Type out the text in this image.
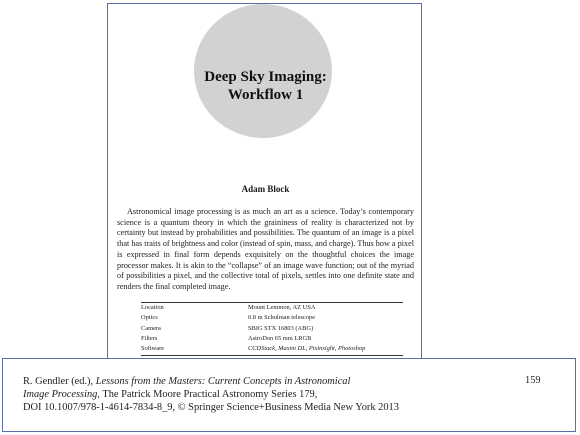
Deep Sky Imaging:
Workflow 1
Adam Block
Astronomical image processing is as much an art as a science. Today’s contemporary science is a quantum theory in which the graininess of reality is characterized not by certainty but instead by probabilities and possibilities. The quantum of an image is a pixel that has traits of brightness and color (instead of spin, mass, and charge). Thus how a pixel is expressed in final form depends exquisitely on the thoughtful choices the image processor makes. It is akin to the “collapse” of an image wave function; out of the myriad of possibilities a pixel, and the collective total of pixels, settles into one definite state and renders the final completed image.
Location	Mount Lemmon, AZ USA
Optics	0.8 m Schulman telescope
Camera	SBIG STX 16803 (ABG)
Filters	AstroDon 65 mm LRGB
Software	CCDStack, Maxim DL, Pixinsight, Photoshop
R. Gendler (ed.), Lessons from the Masters: Current Concepts in Astronomical
Image Processing, The Patrick Moore Practical Astronomy Series 179,
DOI 10.1007/978-1-4614-7834-8_9, © Springer Science+Business Media New York 2013
159
